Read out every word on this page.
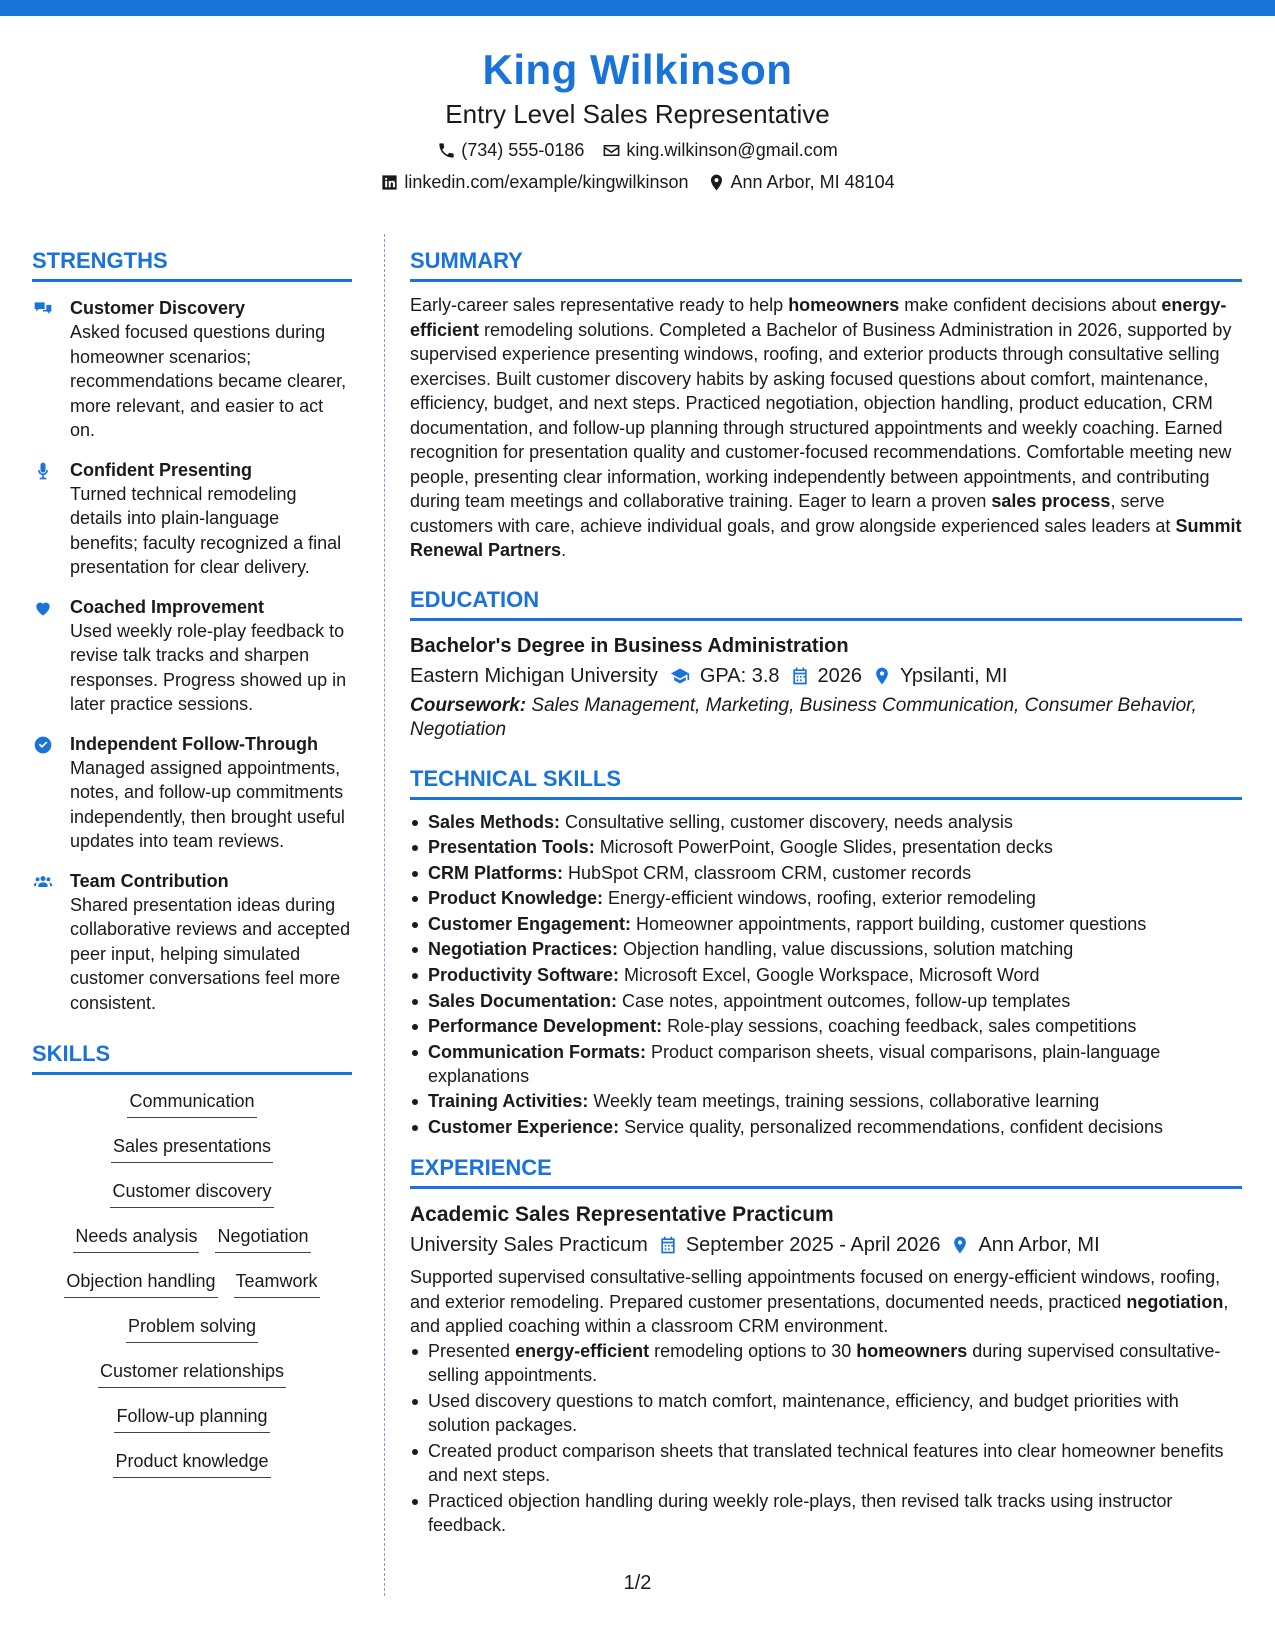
King Wilkinson
Entry Level Sales Representative
(734) 555-0186 king.wilkinson@gmail.com
linkedin.com/example/kingwilkinson Ann Arbor, MI 48104
STRENGTHS
Customer Discovery
Asked focused questions during homeowner scenarios; recommendations became clearer, more relevant, and easier to act on.
Confident Presenting
Turned technical remodeling details into plain-language benefits; faculty recognized a final presentation for clear delivery.
Coached Improvement
Used weekly role-play feedback to revise talk tracks and sharpen responses. Progress showed up in later practice sessions.
Independent Follow-Through
Managed assigned appointments, notes, and follow-up commitments independently, then brought useful updates into team reviews.
Team Contribution
Shared presentation ideas during collaborative reviews and accepted peer input, helping simulated customer conversations feel more consistent.
SKILLS
Communication
Sales presentations
Customer discovery
Needs analysis Negotiation
Objection handling Teamwork
Problem solving
Customer relationships
Follow-up planning
Product knowledge
SUMMARY
Early-career sales representative ready to help homeowners make confident decisions about energy-efficient remodeling solutions. Completed a Bachelor of Business Administration in 2026, supported by supervised experience presenting windows, roofing, and exterior products through consultative selling exercises. Built customer discovery habits by asking focused questions about comfort, maintenance, efficiency, budget, and next steps. Practiced negotiation, objection handling, product education, CRM documentation, and follow-up planning through structured appointments and weekly coaching. Earned recognition for presentation quality and customer-focused recommendations. Comfortable meeting new people, presenting clear information, working independently between appointments, and contributing during team meetings and collaborative training. Eager to learn a proven sales process, serve customers with care, achieve individual goals, and grow alongside experienced sales leaders at Summit Renewal Partners.
EDUCATION
Bachelor's Degree in Business Administration
Eastern Michigan University GPA: 3.8 2026 Ypsilanti, MI
Coursework: Sales Management, Marketing, Business Communication, Consumer Behavior, Negotiation
TECHNICAL SKILLS
Sales Methods: Consultative selling, customer discovery, needs analysis
Presentation Tools: Microsoft PowerPoint, Google Slides, presentation decks
CRM Platforms: HubSpot CRM, classroom CRM, customer records
Product Knowledge: Energy-efficient windows, roofing, exterior remodeling
Customer Engagement: Homeowner appointments, rapport building, customer questions
Negotiation Practices: Objection handling, value discussions, solution matching
Productivity Software: Microsoft Excel, Google Workspace, Microsoft Word
Sales Documentation: Case notes, appointment outcomes, follow-up templates
Performance Development: Role-play sessions, coaching feedback, sales competitions
Communication Formats: Product comparison sheets, visual comparisons, plain-language explanations
Training Activities: Weekly team meetings, training sessions, collaborative learning
Customer Experience: Service quality, personalized recommendations, confident decisions
EXPERIENCE
Academic Sales Representative Practicum
University Sales Practicum September 2025 - April 2026 Ann Arbor, MI
Supported supervised consultative-selling appointments focused on energy-efficient windows, roofing, and exterior remodeling. Prepared customer presentations, documented needs, practiced negotiation, and applied coaching within a classroom CRM environment.
Presented energy-efficient remodeling options to 30 homeowners during supervised consultative-selling appointments.
Used discovery questions to match comfort, maintenance, efficiency, and budget priorities with solution packages.
Created product comparison sheets that translated technical features into clear homeowner benefits and next steps.
Practiced objection handling during weekly role-plays, then revised talk tracks using instructor feedback.
1/2
